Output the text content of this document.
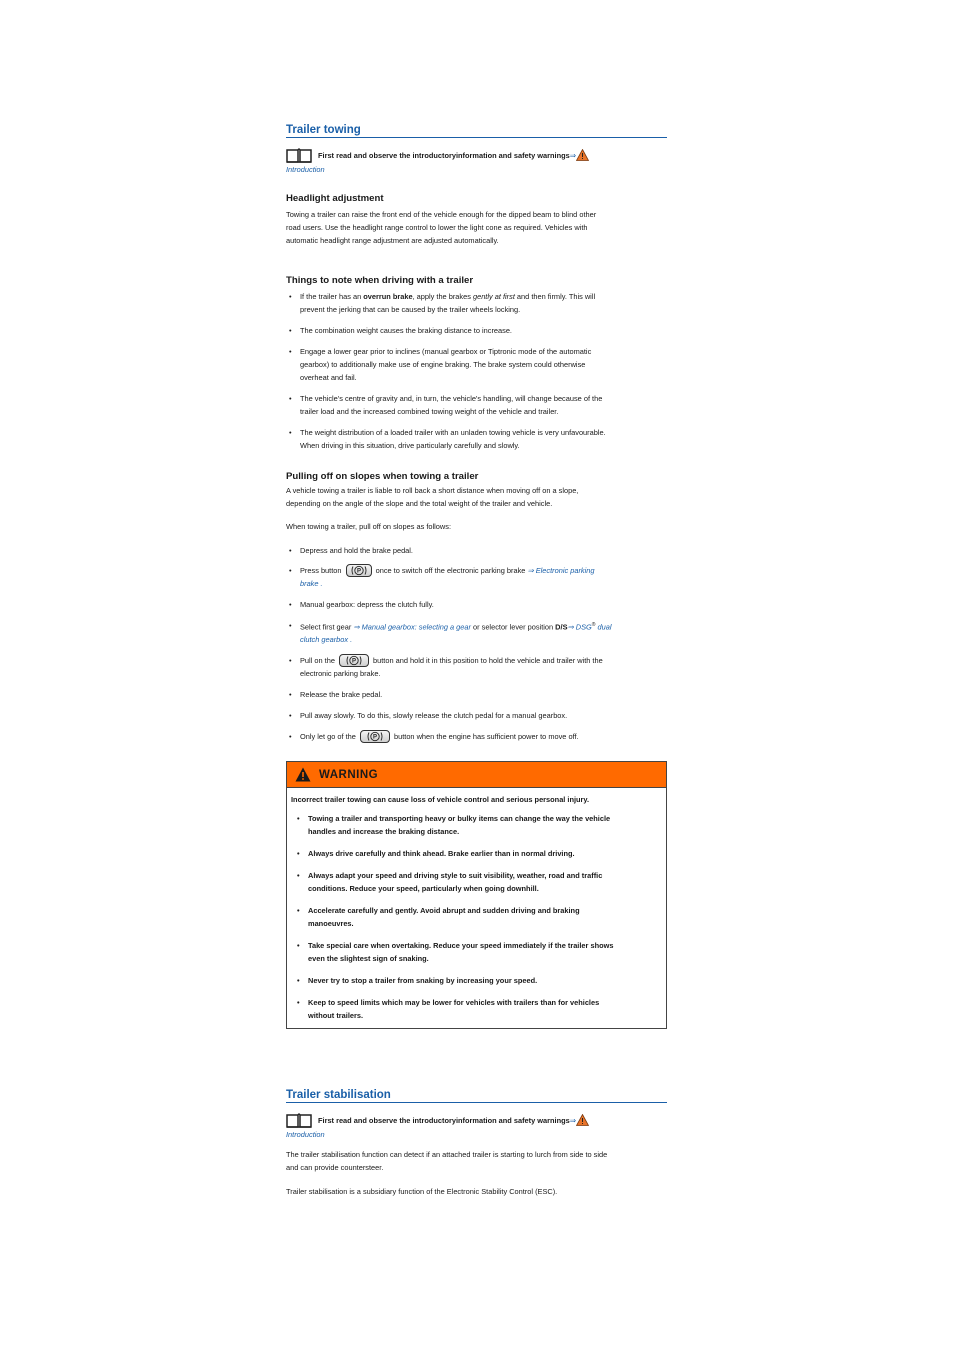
Trailer towing
First read and observe the introductoryinformation and safety warnings ⇒
Introduction
Headlight adjustment

Towing a trailer can raise the front end of the vehicle enough for the dipped beam to blind other

road users. Use the headlight range control to lower the light cone as required. Vehicles with

automatic headlight range adjustment are adjusted automatically.

Things to note when driving with a trailer
• If the trailer has an overrun brake, apply the brakes gently at first and then firmly. This will
prevent the jerking that can be caused by the trailer wheels locking.
• The combination weight causes the braking distance to increase.
• Engage a lower gear prior to inclines (manual gearbox or Tiptronic mode of the automatic
gearbox) to additionally make use of engine braking. The brake system could otherwise
overheat and fail.
• The vehicle's centre of gravity and, in turn, the vehicle's handling, will change because of the
trailer load and the increased combined towing weight of the vehicle and trailer.
• The weight distribution of a loaded trailer with an unladen towing vehicle is very unfavourable.
When driving in this situation, drive particularly carefully and slowly.
Pulling off on slopes when towing a trailer

A vehicle towing a trailer is liable to roll back a short distance when moving off on a slope,

depending on the angle of the slope and the total weight of the trailer and vehicle.

When towing a trailer, pull off on slopes as follows:

• Depress and hold the brake pedal.
• Press button P once to switch off the electronic parking brake ⇒ Electronic parking
brake .
• Manual gearbox: depress the clutch fully.
• Select first gear ⇒ Manual gearbox: selecting a gear or selector lever position D/S⇒ DSG® dual
clutch gearbox .
• Pull on the P button and hold it in this position to hold the vehicle and trailer with the
electronic parking brake.
• Release the brake pedal.
• Pull away slowly. To do this, slowly release the clutch pedal for a manual gearbox.
• Only let go of the P button when the engine has sufficient power to move off.
WARNING

Incorrect trailer towing can cause loss of vehicle control and serious personal injury.

• Towing a trailer and transporting heavy or bulky items can change the way the vehicle
handles and increase the braking distance.
• Always drive carefully and think ahead. Brake earlier than in normal driving.
• Always adapt your speed and driving style to suit visibility, weather, road and traffic
conditions. Reduce your speed, particularly when going downhill.
• Accelerate carefully and gently. Avoid abrupt and sudden driving and braking
manoeuvres.
• Take special care when overtaking. Reduce your speed immediately if the trailer shows
even the slightest sign of snaking.
• Never try to stop a trailer from snaking by increasing your speed.
• Keep to speed limits which may be lower for vehicles with trailers than for vehicles
without trailers.
Trailer stabilisation
First read and observe the introductoryinformation and safety warnings ⇒
Introduction

The trailer stabilisation function can detect if an attached trailer is starting to lurch from side to side

and can provide countersteer.

Trailer stabilisation is a subsidiary function of the Electronic Stability Control (ESC).
